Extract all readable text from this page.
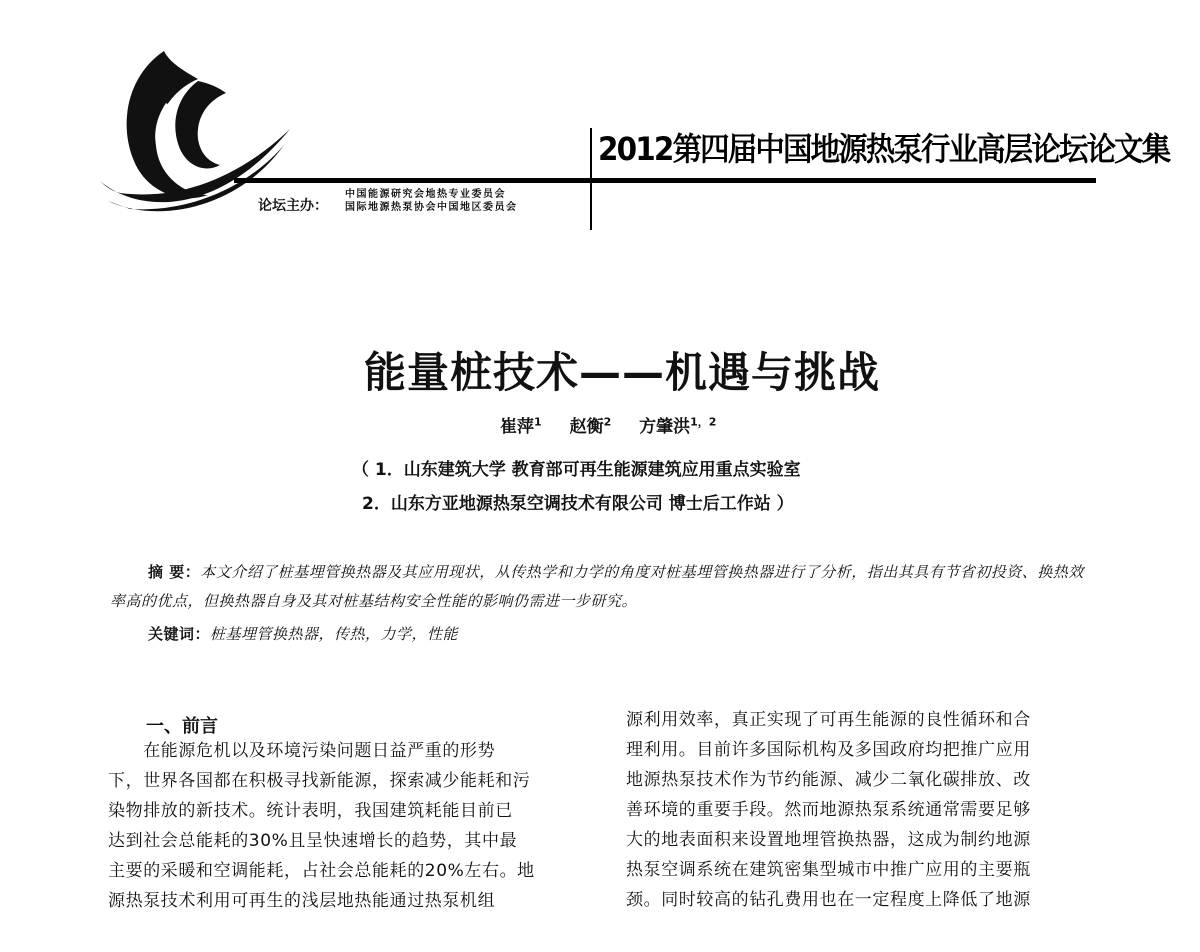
2012第四届中国地源热泵行业高层论坛论文集
论坛主办：
中国能源研究会地热专业委员会
国际地源热泵协会中国地区委员会
能量桩技术——机遇与挑战
崔萍$^1$ 赵衡$^2$ 方肇洪$^{1,2}$
（ 1．山东建筑大学 教育部可再生能源建筑应用重点实验室
2．山东方亚地源热泵空调技术有限公司 博士后工作站 ）
摘 要：本文介绍了桩基埋管换热器及其应用现状，从传热学和力学的角度对桩基埋管换热器进行了分析，指出其具有节省初投资、换热效率高的优点，但换热器自身及其对桩基结构安全性能的影响仍需进一步研究。
关键词：桩基埋管换热器，传热，力学，性能
一、前言
　　在能源危机以及环境污染问题日益严重的形势
下，世界各国都在积极寻找新能源，探索减少能耗和污
染物排放的新技术。统计表明，我国建筑耗能目前已
达到社会总能耗的30%且呈快速增长的趋势，其中最
主要的采暖和空调能耗，占社会总能耗的20%左右。地
源热泵技术利用可再生的浅层地热能通过热泵机组
源利用效率，真正实现了可再生能源的良性循环和合
理利用。目前许多国际机构及多国政府均把推广应用
地源热泵技术作为节约能源、减少二氧化碳排放、改
善环境的重要手段。然而地源热泵系统通常需要足够
大的地表面积来设置地埋管换热器，这成为制约地源
热泵空调系统在建筑密集型城市中推广应用的主要瓶
颈。同时较高的钻孔费用也在一定程度上降低了地源
